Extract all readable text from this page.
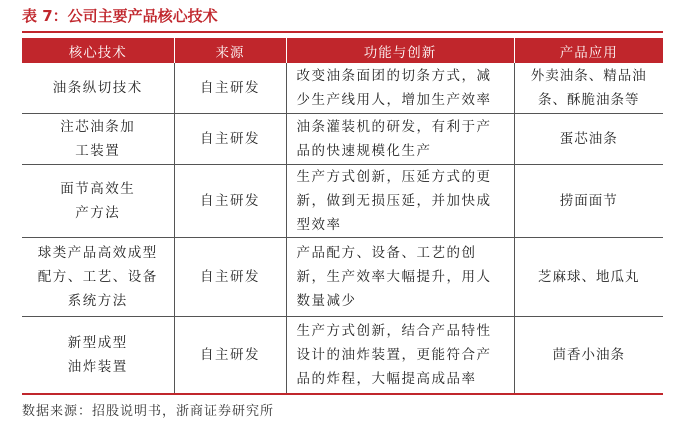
表 7：公司主要产品核心技术
核心技术	来源	功能与创新	产品应用
油条纵切技术	自主研发	改变油条面团的切条方式，减少生产线用人，增加生产效率	外卖油条、精品油条、酥脆油条等
注芯油条加工装置	自主研发	油条灌装机的研发，有利于产品的快速规模化生产	蛋芯油条
面节高效生产方法	自主研发	生产方式创新，压延方式的更新，做到无损压延，并加快成型效率	捞面面节
球类产品高效成型配方、工艺、设备系统方法	自主研发	产品配方、设备、工艺的创新，生产效率大幅提升，用人数量减少	芝麻球、地瓜丸
新型成型油炸装置	自主研发	生产方式创新，结合产品特性设计的油炸装置，更能符合产品的炸程，大幅提高成品率	茴香小油条
数据来源：招股说明书，浙商证券研究所
